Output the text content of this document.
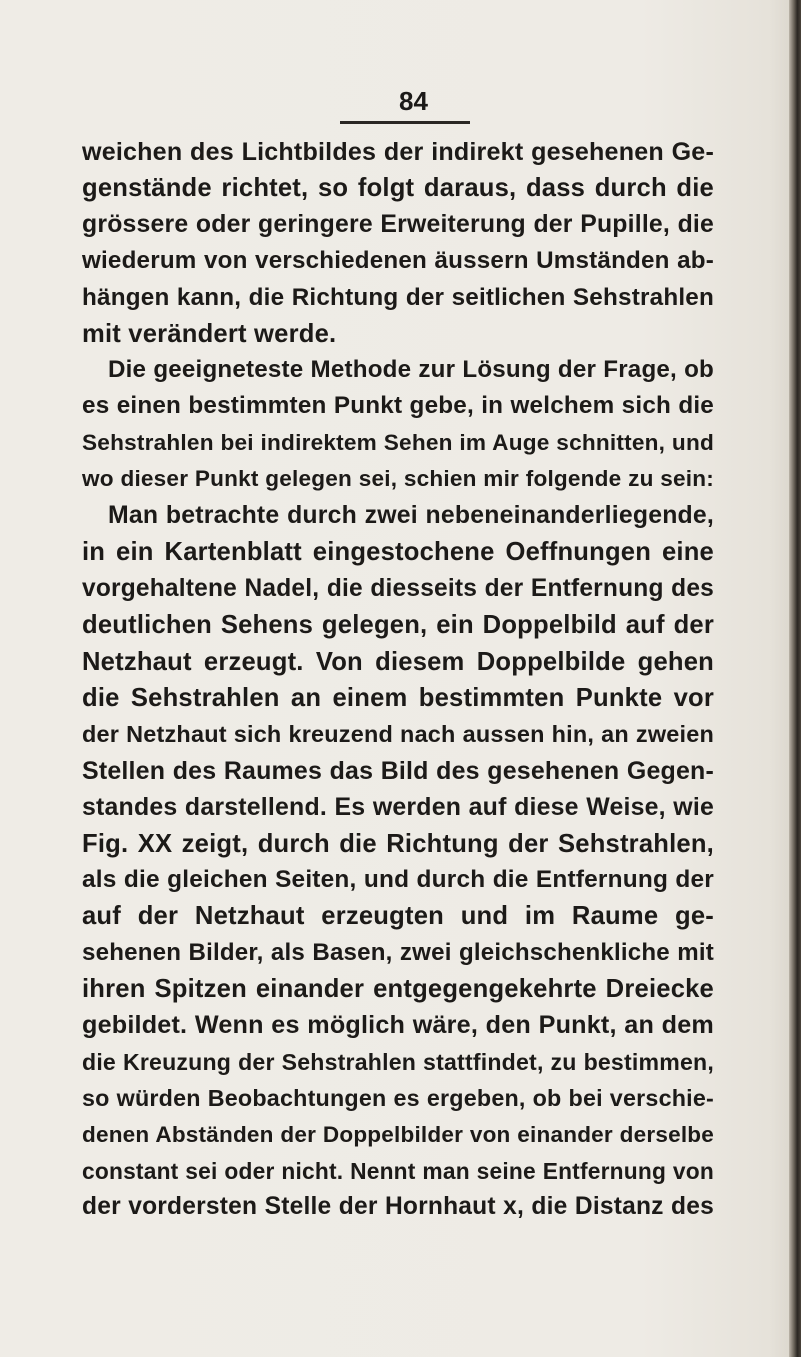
84
weichen des Lichtbildes der indirekt gesehenen Ge-
genstände richtet, so folgt daraus, dass durch die
grössere oder geringere Erweiterung der Pupille, die
wiederum von verschiedenen äussern Umständen ab-
hängen kann, die Richtung der seitlichen Sehstrahlen
mit verändert werde.
Die geeigneteste Methode zur Lösung der Frage, ob
es einen bestimmten Punkt gebe, in welchem sich die
Sehstrahlen bei indirektem Sehen im Auge schnitten, und
wo dieser Punkt gelegen sei, schien mir folgende zu sein:
Man betrachte durch zwei nebeneinanderliegende,
in ein Kartenblatt eingestochene Oeffnungen eine
vorgehaltene Nadel, die diesseits der Entfernung des
deutlichen Sehens gelegen, ein Doppelbild auf der
Netzhaut erzeugt. Von diesem Doppelbilde gehen
die Sehstrahlen an einem bestimmten Punkte vor
der Netzhaut sich kreuzend nach aussen hin, an zweien
Stellen des Raumes das Bild des gesehenen Gegen-
standes darstellend. Es werden auf diese Weise, wie
Fig. XX zeigt, durch die Richtung der Sehstrahlen,
als die gleichen Seiten, und durch die Entfernung der
auf der Netzhaut erzeugten und im Raume ge-
sehenen Bilder, als Basen, zwei gleichschenkliche mit
ihren Spitzen einander entgegengekehrte Dreiecke
gebildet. Wenn es möglich wäre, den Punkt, an dem
die Kreuzung der Sehstrahlen stattfindet, zu bestimmen,
so würden Beobachtungen es ergeben, ob bei verschie-
denen Abständen der Doppelbilder von einander derselbe
constant sei oder nicht. Nennt man seine Entfernung von
der vordersten Stelle der Hornhaut x, die Distanz des
